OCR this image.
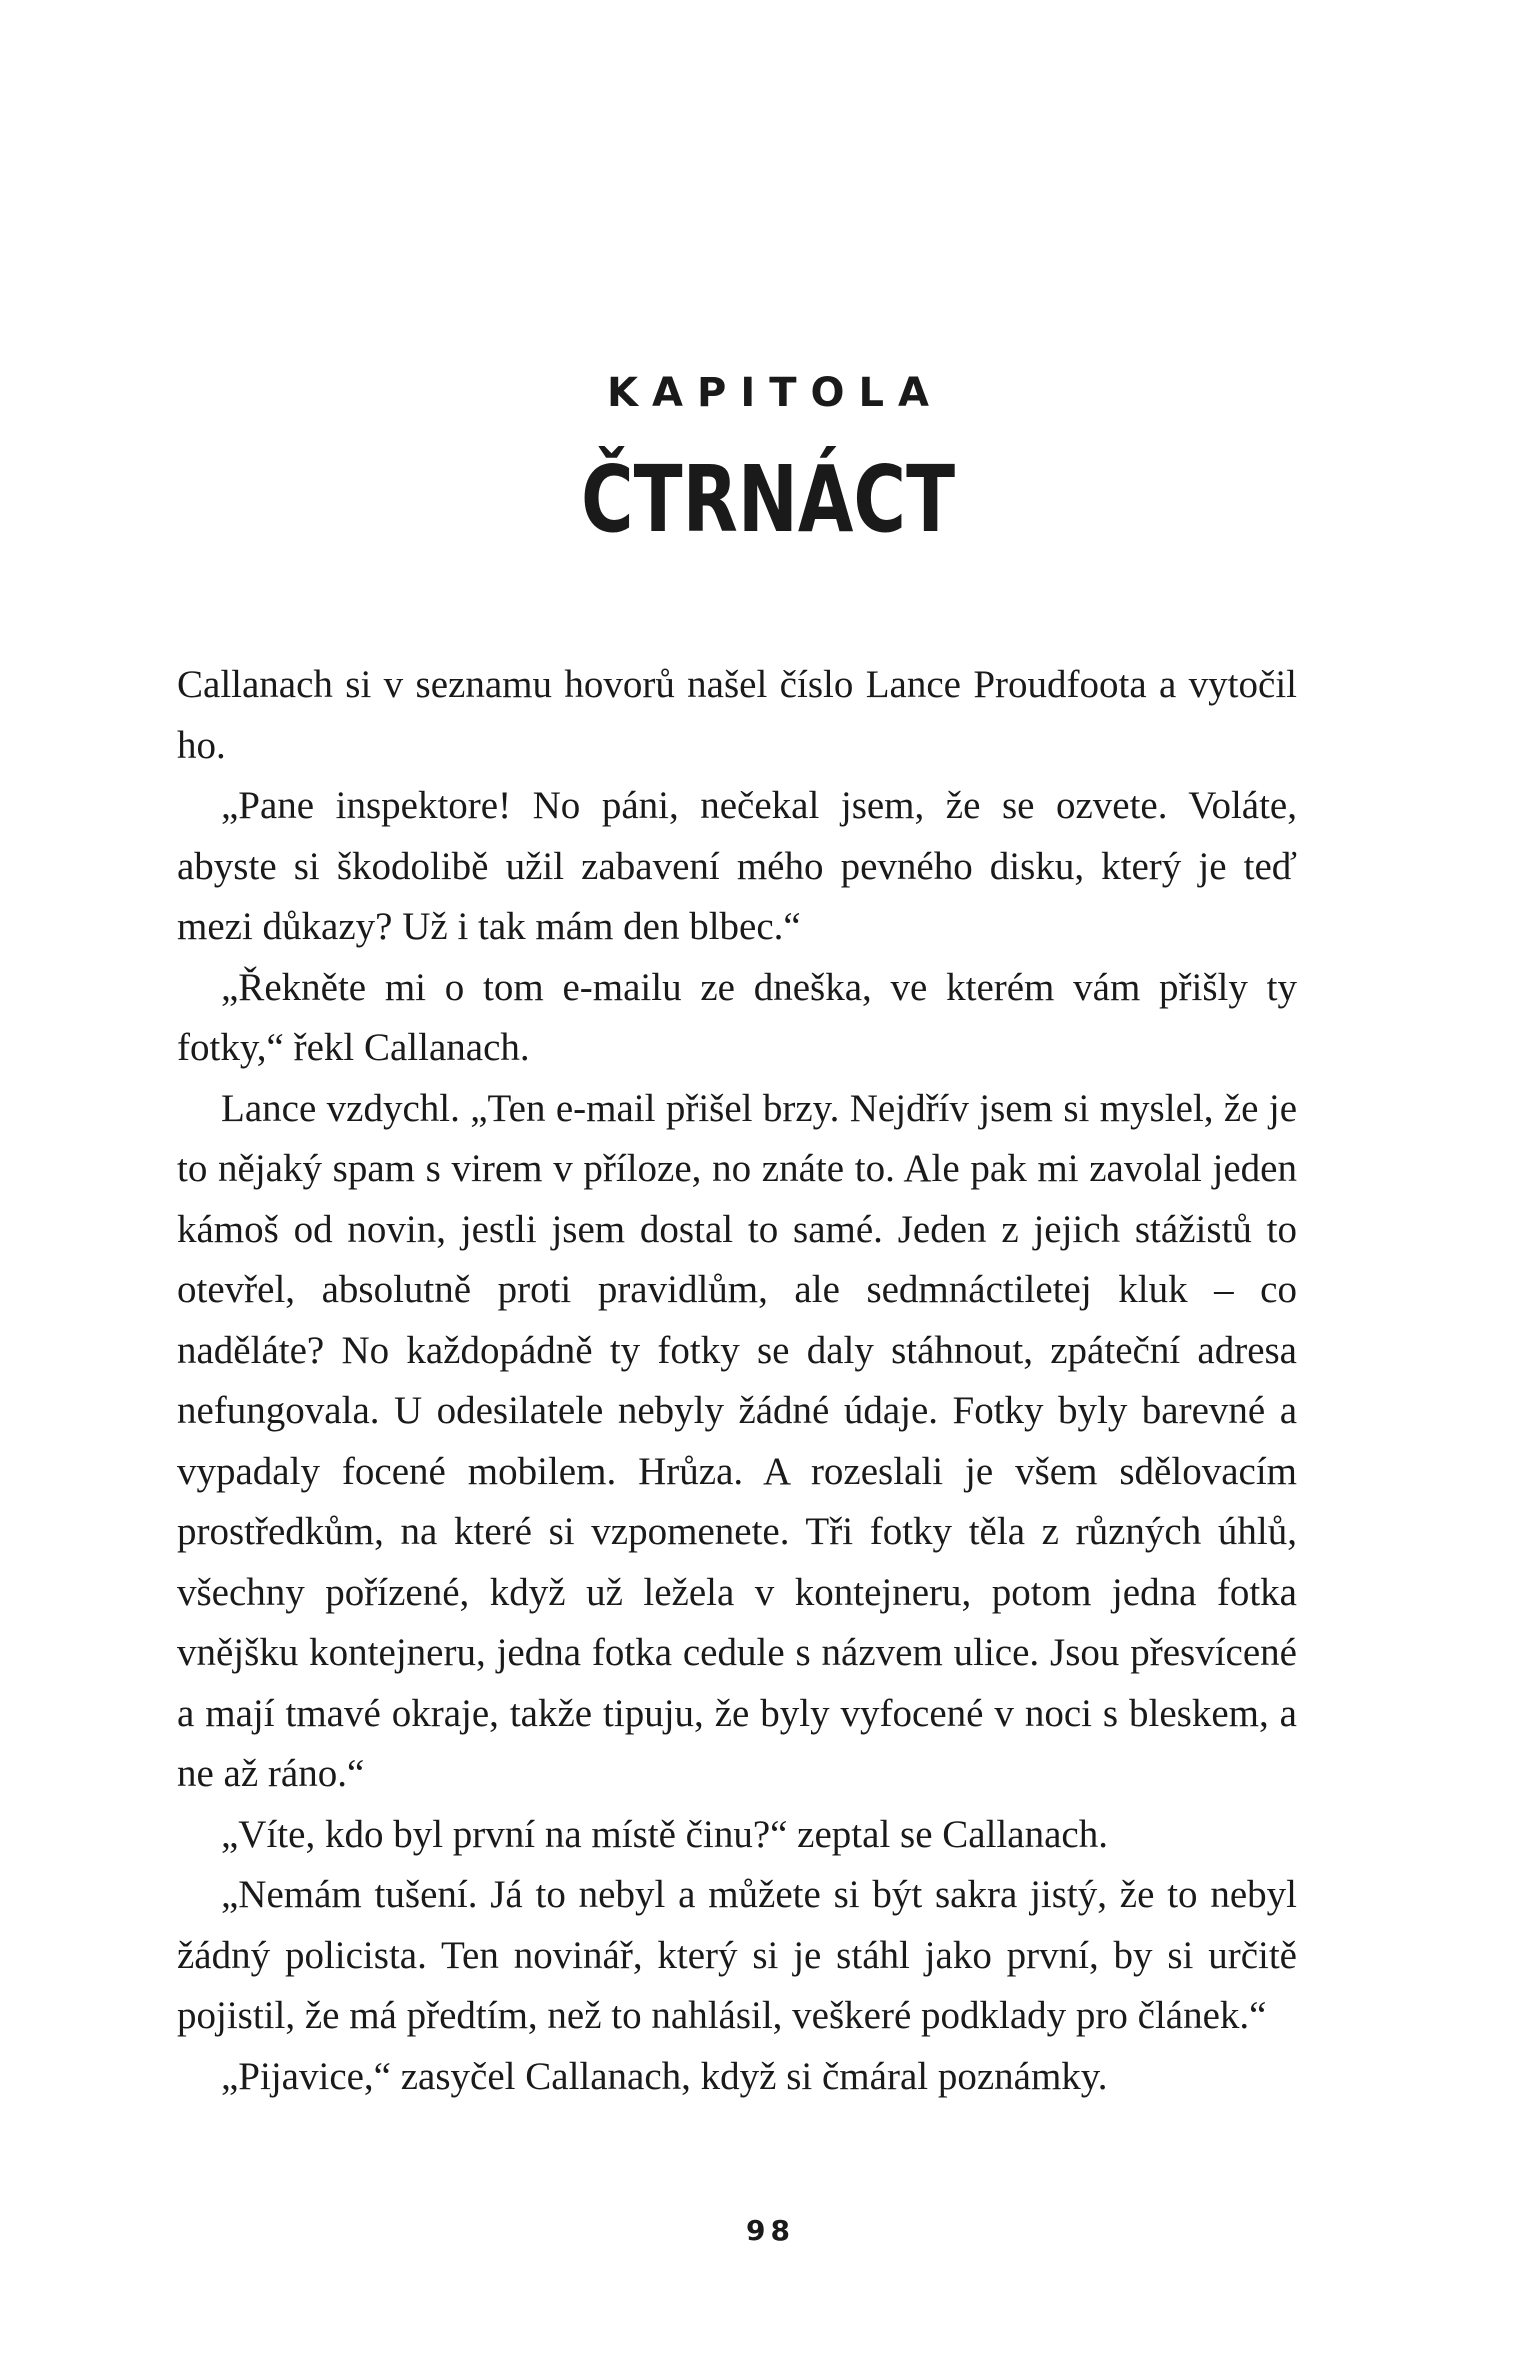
KAPITOLA
ČTRNÁCT

Callanach si v seznamu hovorů našel číslo Lance Proudfoota a vytočil ho.

„Pane inspektore! No páni, nečekal jsem, že se ozvete. Voláte, abyste si škodolibě užil zabavení mého pevného disku, který je teď mezi důkazy? Už i tak mám den blbec.“

„Řekněte mi o tom e-mailu ze dneška, ve kterém vám přišly ty fotky,“ řekl Callanach.

Lance vzdychl. „Ten e-mail přišel brzy. Nejdřív jsem si myslel, že je to nějaký spam s virem v příloze, no znáte to. Ale pak mi zavolal jeden kámoš od novin, jestli jsem dostal to samé. Jeden z jejich stážistů to otevřel, absolutně proti pravidlům, ale sedmnáctiletej kluk – co naděláte? No každopádně ty fotky se daly stáhnout, zpáteční adresa nefungovala. U odesilatele nebyly žádné údaje. Fotky byly barevné a vypadaly focené mobilem. Hrůza. A rozeslali je všem sdělovacím prostředkům, na které si vzpomenete. Tři fotky těla z různých úhlů, všechny pořízené, když už ležela v kontejneru, potom jedna fotka vnějšku kontejneru, jedna fotka cedule s názvem ulice. Jsou přesvícené a mají tmavé okraje, takže tipuju, že byly vyfocené v noci s bleskem, a ne až ráno.“

„Víte, kdo byl první na místě činu?“ zeptal se Callanach.

„Nemám tušení. Já to nebyl a můžete si být sakra jistý, že to nebyl žádný policista. Ten novinář, který si je stáhl jako první, by si určitě pojistil, že má předtím, než to nahlásil, veškeré podklady pro článek.“

„Pijavice,“ zasyčel Callanach, když si čmáral poznámky.

98
